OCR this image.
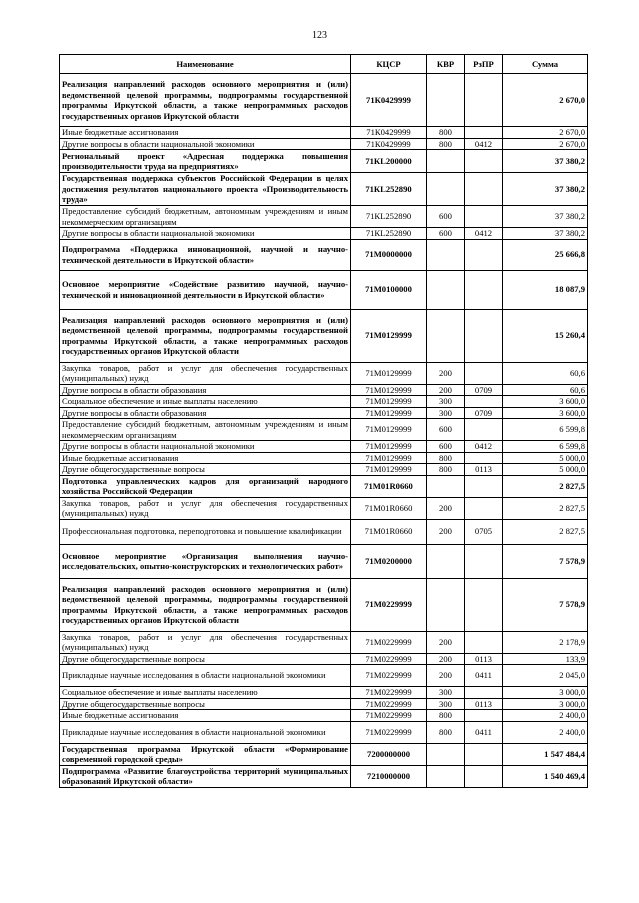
123
Наименование	КЦСР	КВР	РзПР	Сумма
Реализация направлений расходов основного мероприятия и (или) ведомственной целевой программы, подпрограммы государственной программы Иркутской области, а также непрограммных расходов государственных органов Иркутской области	71К0429999			2 670,0
Иные бюджетные ассигнования	71К0429999	800		2 670,0
Другие вопросы в области национальной экономики	71К0429999	800	0412	2 670,0
Региональный проект «Адресная поддержка повышения производительности труда на предприятиях»	71КL200000			37 380,2
Государственная поддержка субъектов Российской Федерации в целях достижения результатов национального проекта «Производительность труда»	71КL252890			37 380,2
Предоставление субсидий бюджетным, автономным учреждениям и иным некоммерческим организациям	71КL252890	600		37 380,2
Другие вопросы в области национальной экономики	71КL252890	600	0412	37 380,2
Подпрограмма «Поддержка инновационной, научной и научно-технической деятельности в Иркутской области»	71М0000000			25 666,8
Основное мероприятие «Содействие развитию научной, научно-технической и инновационной деятельности в Иркутской области»	71М0100000			18 087,9
Реализация направлений расходов основного мероприятия и (или) ведомственной целевой программы, подпрограммы государственной программы Иркутской области, а также непрограммных расходов государственных органов Иркутской области	71М0129999			15 260,4
Закупка товаров, работ и услуг для обеспечения государственных (муниципальных) нужд	71М0129999	200		60,6
Другие вопросы в области образования	71М0129999	200	0709	60,6
Социальное обеспечение и иные выплаты населению	71М0129999	300		3 600,0
Другие вопросы в области образования	71М0129999	300	0709	3 600,0
Предоставление субсидий бюджетным, автономным учреждениям и иным некоммерческим организациям	71М0129999	600		6 599,8
Другие вопросы в области национальной экономики	71М0129999	600	0412	6 599,8
Иные бюджетные ассигнования	71М0129999	800		5 000,0
Другие общегосударственные вопросы	71М0129999	800	0113	5 000,0
Подготовка управленческих кадров для организаций народного хозяйства Российской Федерации	71М01R0660			2 827,5
Закупка товаров, работ и услуг для обеспечения государственных (муниципальных) нужд	71М01R0660	200		2 827,5
Профессиональная подготовка, переподготовка и повышение квалификации	71М01R0660	200	0705	2 827,5
Основное мероприятие «Организация выполнения научно-исследовательских, опытно-конструкторских и технологических работ»	71М0200000			7 578,9
Реализация направлений расходов основного мероприятия и (или) ведомственной целевой программы, подпрограммы государственной программы Иркутской области, а также непрограммных расходов государственных органов Иркутской области	71М0229999			7 578,9
Закупка товаров, работ и услуг для обеспечения государственных (муниципальных) нужд	71М0229999	200		2 178,9
Другие общегосударственные вопросы	71М0229999	200	0113	133,9
Прикладные научные исследования в области национальной экономики	71М0229999	200	0411	2 045,0
Социальное обеспечение и иные выплаты населению	71М0229999	300		3 000,0
Другие общегосударственные вопросы	71М0229999	300	0113	3 000,0
Иные бюджетные ассигнования	71М0229999	800		2 400,0
Прикладные научные исследования в области национальной экономики	71М0229999	800	0411	2 400,0
Государственная программа Иркутской области «Формирование современной городской среды»	7200000000			1 547 484,4
Подпрограмма «Развитие благоустройства территорий муниципальных образований Иркутской области»	7210000000			1 540 469,4
